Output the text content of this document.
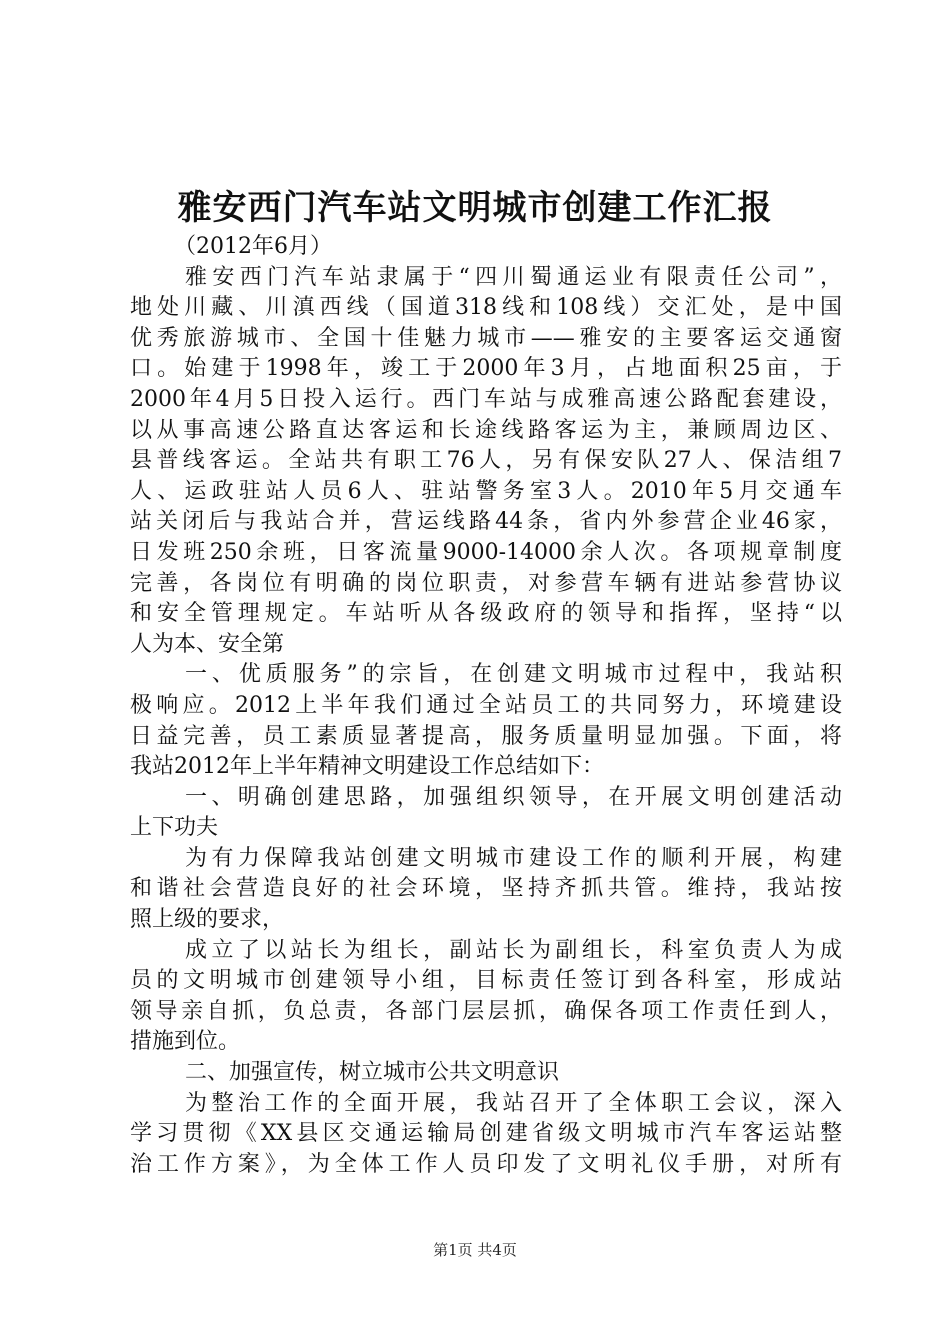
雅安西门汽车站文明城市创建工作汇报
（2012年6月）
雅安西门汽车站隶属于“四川蜀通运业有限责任公司”，
地处川藏、川滇西线（国道318线和108线）交汇处，是中国
优秀旅游城市、全国十佳魅力城市——雅安的主要客运交通窗
口。始建于1998年，竣工于2000年3月，占地面积25亩，于
2000年4月5日投入运行。西门车站与成雅高速公路配套建设，
以从事高速公路直达客运和长途线路客运为主，兼顾周边区、
县普线客运。全站共有职工76人，另有保安队27人、保洁组7
人、运政驻站人员6人、驻站警务室3人。2010年5月交通车
站关闭后与我站合并，营运线路44条，省内外参营企业46家，
日发班250余班，日客流量9000-14000余人次。各项规章制度
完善，各岗位有明确的岗位职责，对参营车辆有进站参营协议
和安全管理规定。车站听从各级政府的领导和指挥，坚持“以
人为本、安全第
一、优质服务”的宗旨，在创建文明城市过程中，我站积
极响应。2012上半年我们通过全站员工的共同努力，环境建设
日益完善，员工素质显著提高，服务质量明显加强。下面，将
我站2012年上半年精神文明建设工作总结如下：
一、明确创建思路，加强组织领导，在开展文明创建活动
上下功夫
为有力保障我站创建文明城市建设工作的顺利开展，构建
和谐社会营造良好的社会环境，坚持齐抓共管。维持，我站按
照上级的要求，
成立了以站长为组长，副站长为副组长，科室负责人为成
员的文明城市创建领导小组，目标责任签订到各科室，形成站
领导亲自抓，负总责，各部门层层抓，确保各项工作责任到人，
措施到位。
二、加强宣传，树立城市公共文明意识
为整治工作的全面开展，我站召开了全体职工会议，深入
学习贯彻《XX县区交通运输局创建省级文明城市汽车客运站整
治工作方案》，为全体工作人员印发了文明礼仪手册，对所有
第1页 共4页
